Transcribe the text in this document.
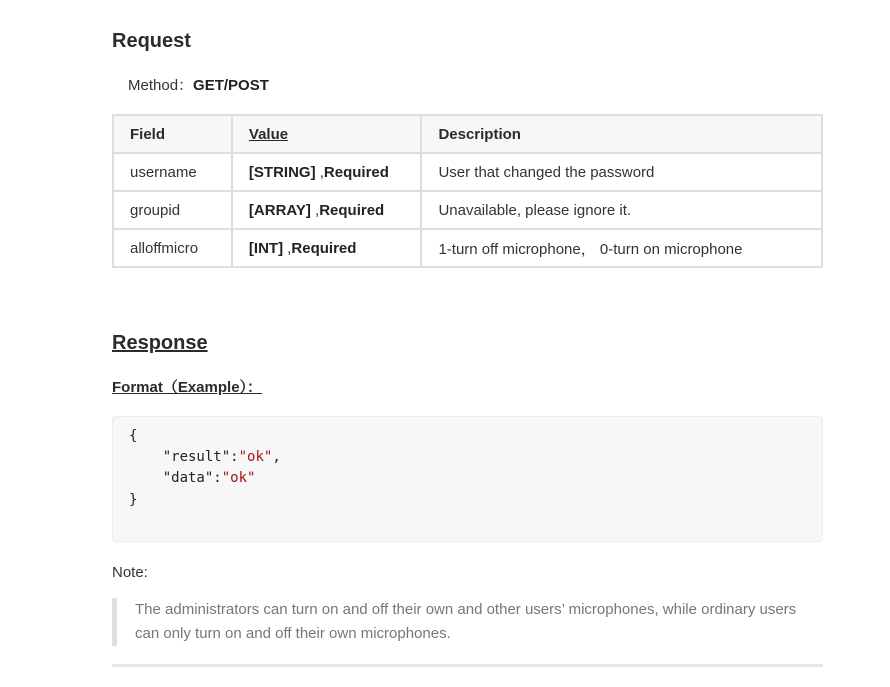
Request
Method：GET/POST
Field	Value	Description
username	[STRING] ,Required	User that changed the password
groupid	[ARRAY] ,Required	Unavailable, please ignore it.
alloffmicro	[INT] ,Required	1-turn off microphone， 0-turn on microphone
Response
Format（Example）：
{
"result":"ok",
"data":"ok"
}
Note:
The administrators can turn on and off their own and other users’ microphones, while ordinary users can only turn on and off their own microphones.
